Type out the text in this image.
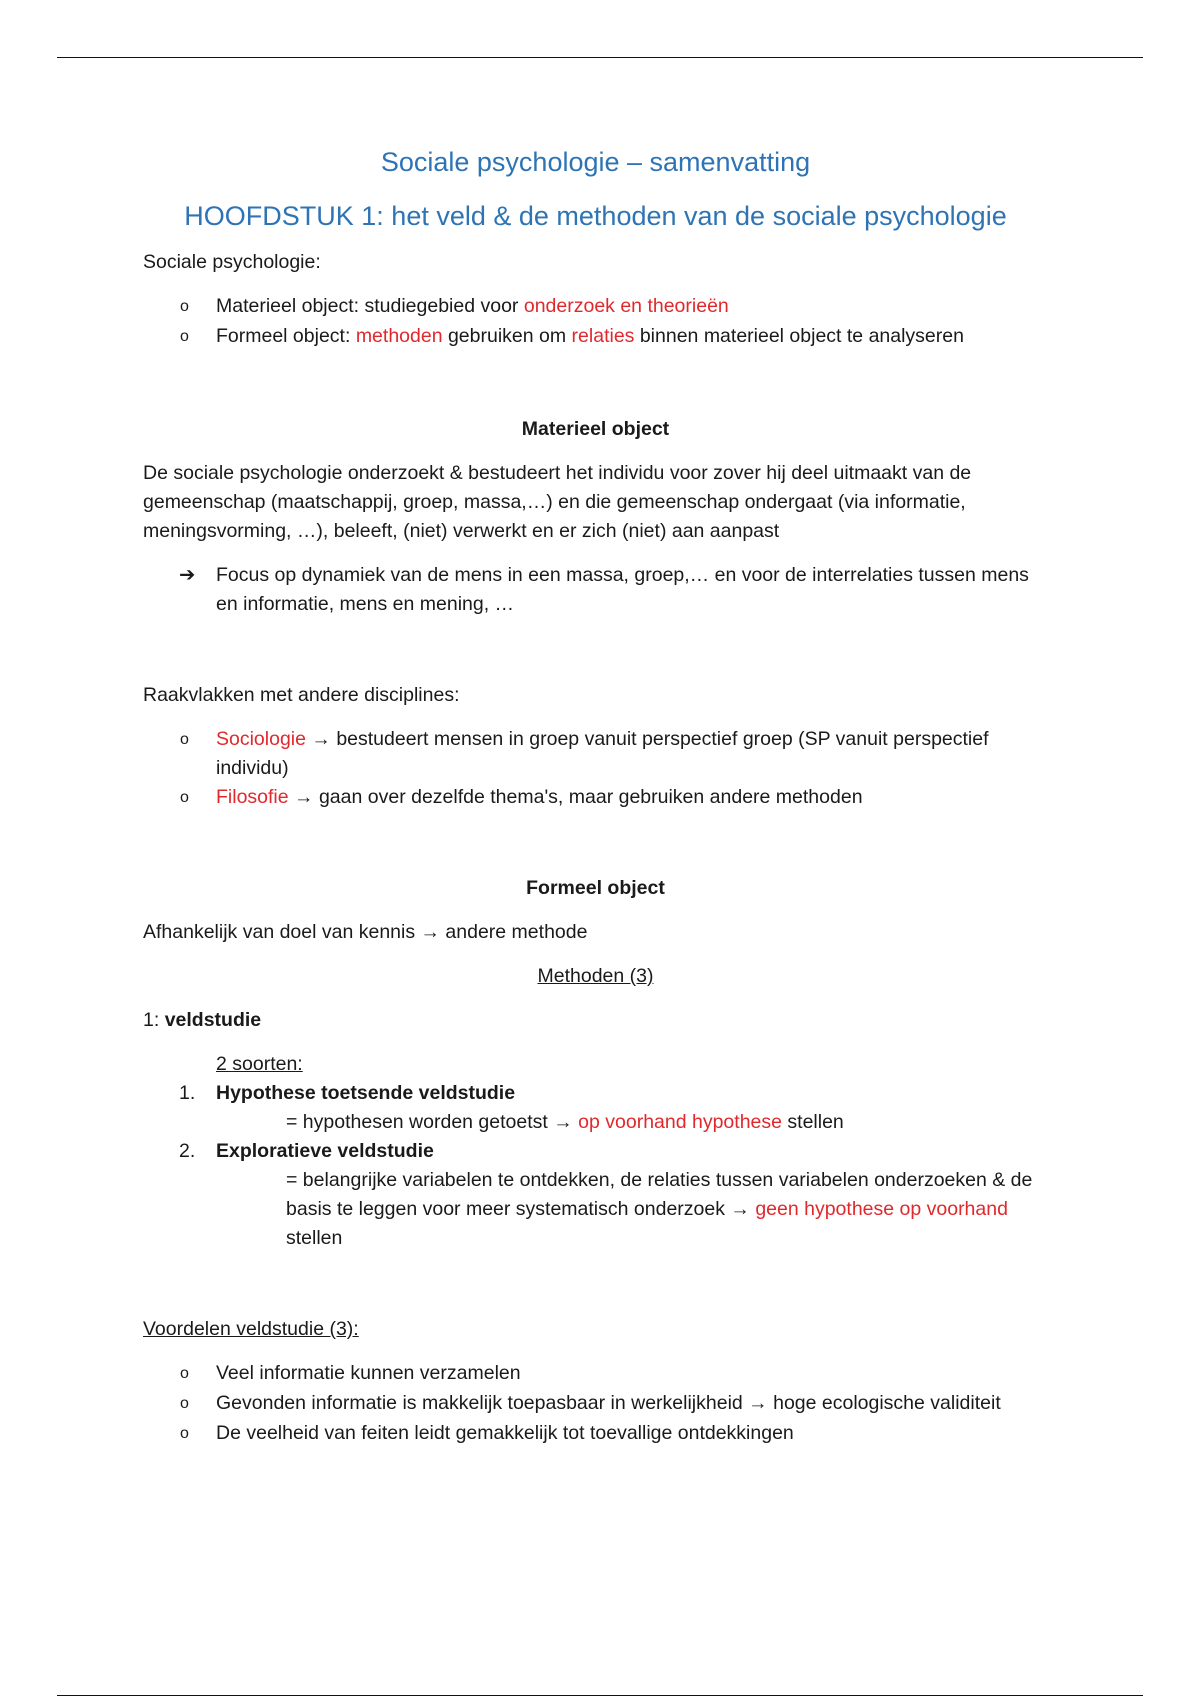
Sociale psychologie – samenvatting
HOOFDSTUK 1: het veld & de methoden van de sociale psychologie

Sociale psychologie:

o Materieel object: studiegebied voor onderzoek en theorieën
o Formeel object: methoden gebruiken om relaties binnen materieel object te analyseren

Materieel object

De sociale psychologie onderzoekt & bestudeert het individu voor zover hij deel uitmaakt van de gemeenschap (maatschappij, groep, massa,…) en die gemeenschap ondergaat (via informatie, meningsvorming, …), beleeft, (niet) verwerkt en er zich (niet) aan aanpast

➔ Focus op dynamiek van de mens in een massa, groep,… en voor de interrelaties tussen mens en informatie, mens en mening, …

Raakvlakken met andere disciplines:

o Sociologie → bestudeert mensen in groep vanuit perspectief groep (SP vanuit perspectief individu)
o Filosofie → gaan over dezelfde thema's, maar gebruiken andere methoden

Formeel object

Afhankelijk van doel van kennis → andere methode

Methoden (3)

1: veldstudie

2 soorten:

1. Hypothese toetsende veldstudie

= hypothesen worden getoetst → op voorhand hypothese stellen

2. Exploratieve veldstudie

= belangrijke variabelen te ontdekken, de relaties tussen variabelen onderzoeken & de basis te leggen voor meer systematisch onderzoek → geen hypothese op voorhand stellen

Voordelen veldstudie (3):

o Veel informatie kunnen verzamelen
o Gevonden informatie is makkelijk toepasbaar in werkelijkheid → hoge ecologische validiteit
o De veelheid van feiten leidt gemakkelijk tot toevallige ontdekkingen
